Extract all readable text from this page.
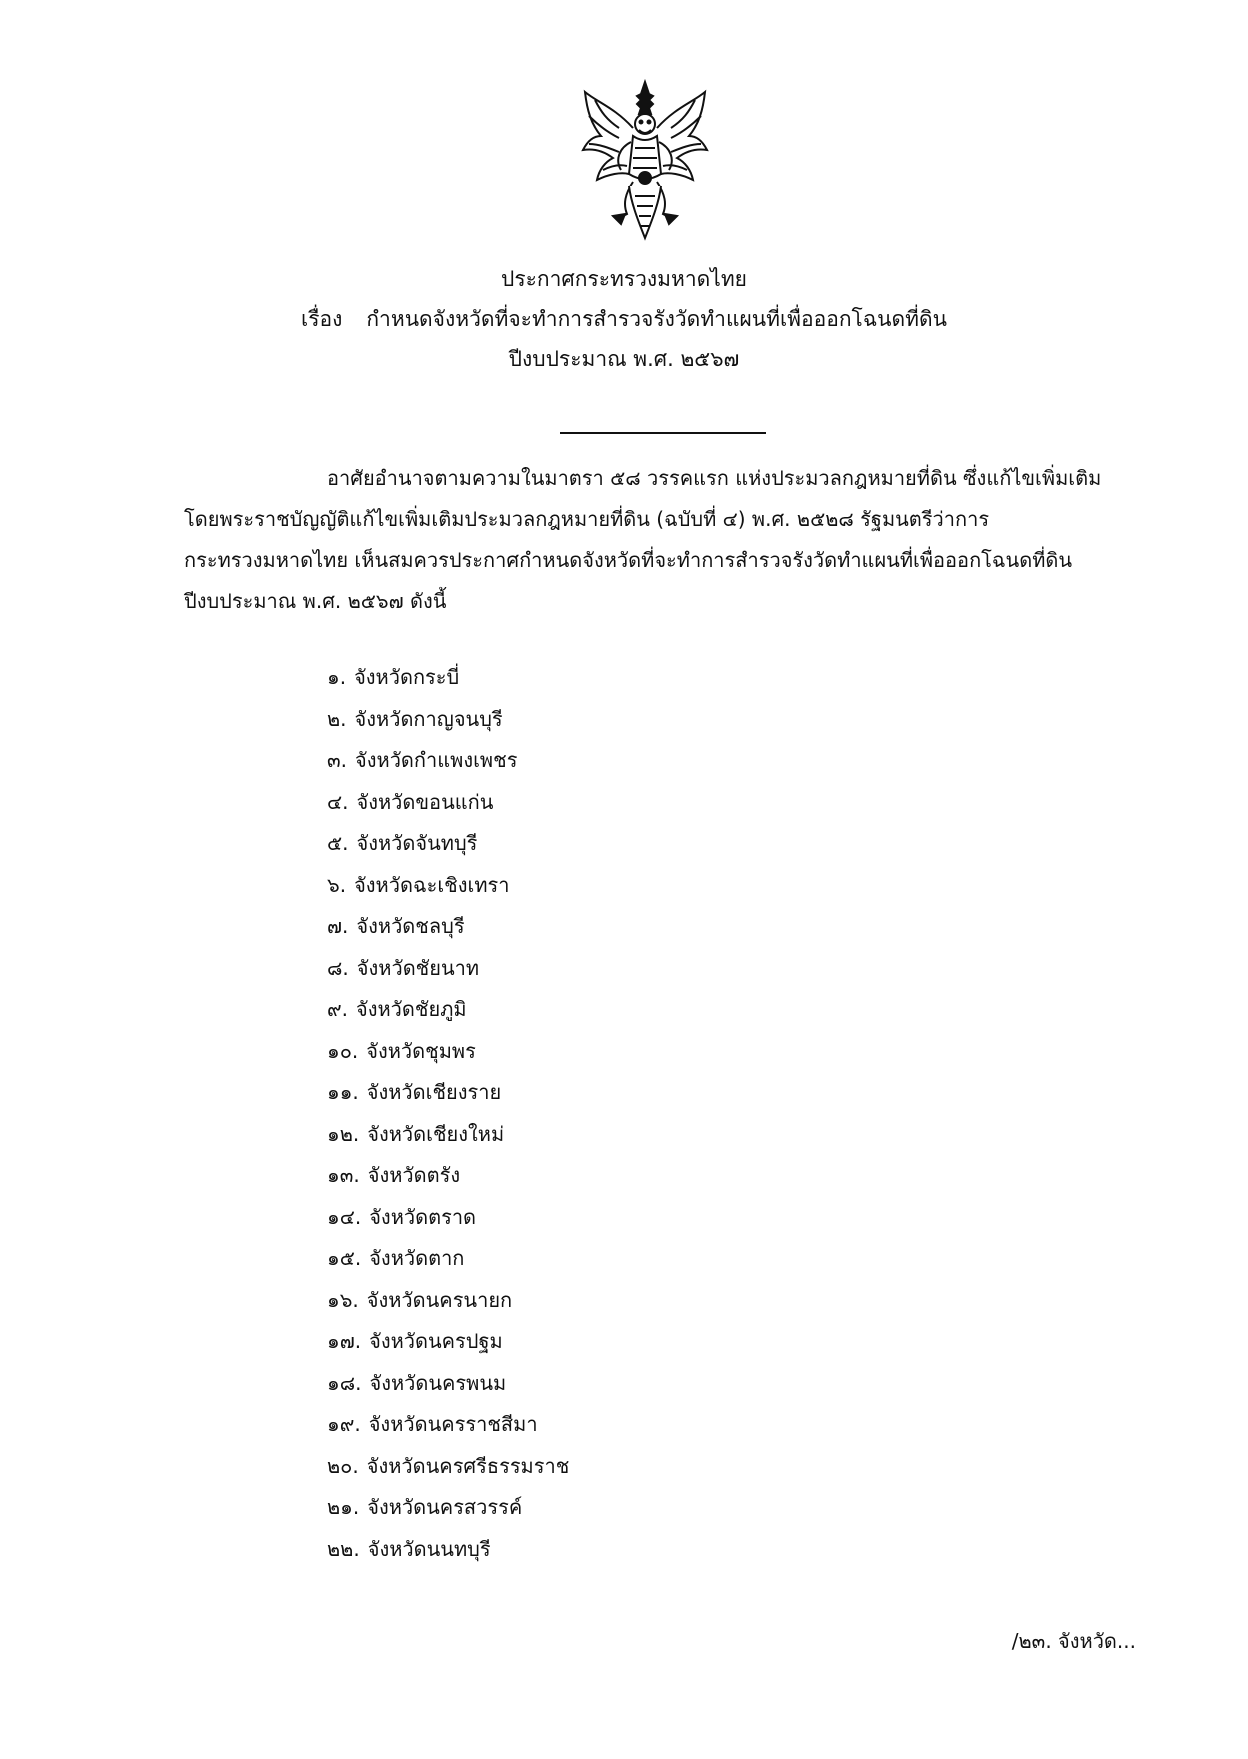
ประกาศกระทรวงมหาดไทย
เรื่อง กำหนดจังหวัดที่จะทำการสำรวจรังวัดทำแผนที่เพื่อออกโฉนดที่ดิน
ปีงบประมาณ พ.ศ. ๒๕๖๗
อาศัยอำนาจตามความในมาตรา ๕๘ วรรคแรก แห่งประมวลกฎหมายที่ดิน ซึ่งแก้ไขเพิ่มเติม
โดยพระราชบัญญัติแก้ไขเพิ่มเติมประมวลกฎหมายที่ดิน (ฉบับที่ ๔) พ.ศ. ๒๕๒๘ รัฐมนตรีว่าการ
กระทรวงมหาดไทย เห็นสมควรประกาศกำหนดจังหวัดที่จะทำการสำรวจรังวัดทำแผนที่เพื่อออกโฉนดที่ดิน
ปีงบประมาณ พ.ศ. ๒๕๖๗ ดังนี้
๑. จังหวัดกระบี่
๒. จังหวัดกาญจนบุรี
๓. จังหวัดกำแพงเพชร
๔. จังหวัดขอนแก่น
๕. จังหวัดจันทบุรี
๖. จังหวัดฉะเชิงเทรา
๗. จังหวัดชลบุรี
๘. จังหวัดชัยนาท
๙. จังหวัดชัยภูมิ
๑๐. จังหวัดชุมพร
๑๑. จังหวัดเชียงราย
๑๒. จังหวัดเชียงใหม่
๑๓. จังหวัดตรัง
๑๔. จังหวัดตราด
๑๕. จังหวัดตาก
๑๖. จังหวัดนครนายก
๑๗. จังหวัดนครปฐม
๑๘. จังหวัดนครพนม
๑๙. จังหวัดนครราชสีมา
๒๐. จังหวัดนครศรีธรรมราช
๒๑. จังหวัดนครสวรรค์
๒๒. จังหวัดนนทบุรี
/๒๓. จังหวัด...
